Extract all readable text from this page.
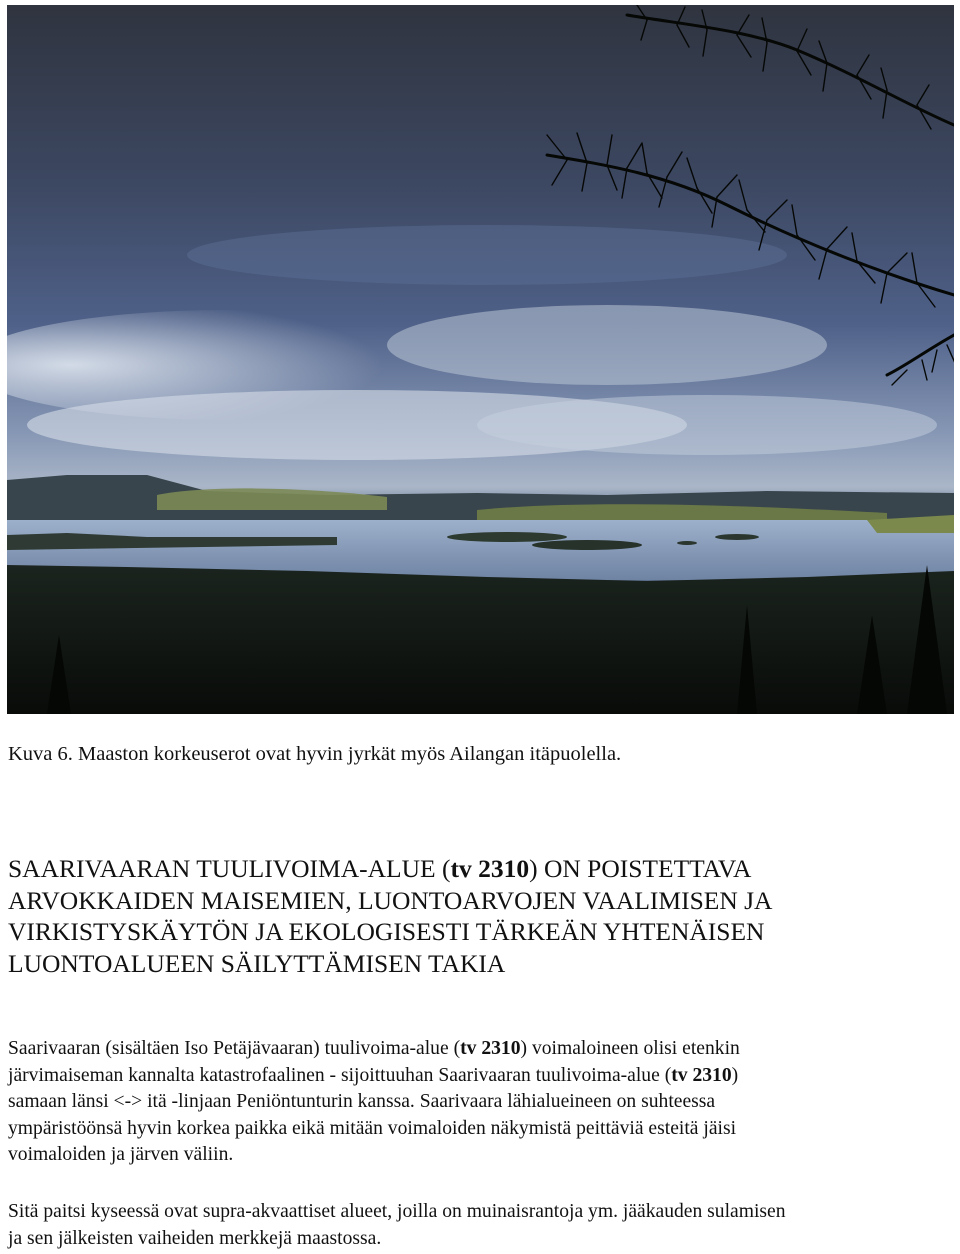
Kuva 6. Maaston korkeuserot ovat hyvin jyrkät myös Ailangan itäpuolella.
SAARIVAARAN TUULIVOIMA-ALUE (tv 2310) ON POISTETTAVA
ARVOKKAIDEN MAISEMIEN, LUONTOARVOJEN VAALIMISEN JA
VIRKISTYSKÄYTÖN JA EKOLOGISESTI TÄRKEÄN YHTENÄISEN
LUONTOALUEEN SÄILYTTÄMISEN TAKIA
Saarivaaran (sisältäen Iso Petäjävaaran) tuulivoima-alue (tv 2310) voimaloineen olisi etenkin
järvimaiseman kannalta katastrofaalinen - sijoittuuhan Saarivaaran tuulivoima-alue (tv 2310)
samaan länsi <-> itä -linjaan Peniöntunturin kanssa. Saarivaara lähialueineen on suhteessa
ympäristöönsä hyvin korkea paikka eikä mitään voimaloiden näkymistä peittäviä esteitä jäisi
voimaloiden ja järven väliin.
Sitä paitsi kyseessä ovat supra-akvaattiset alueet, joilla on muinaisrantoja ym. jääkauden sulamisen
ja sen jälkeisten vaiheiden merkkejä maastossa.
